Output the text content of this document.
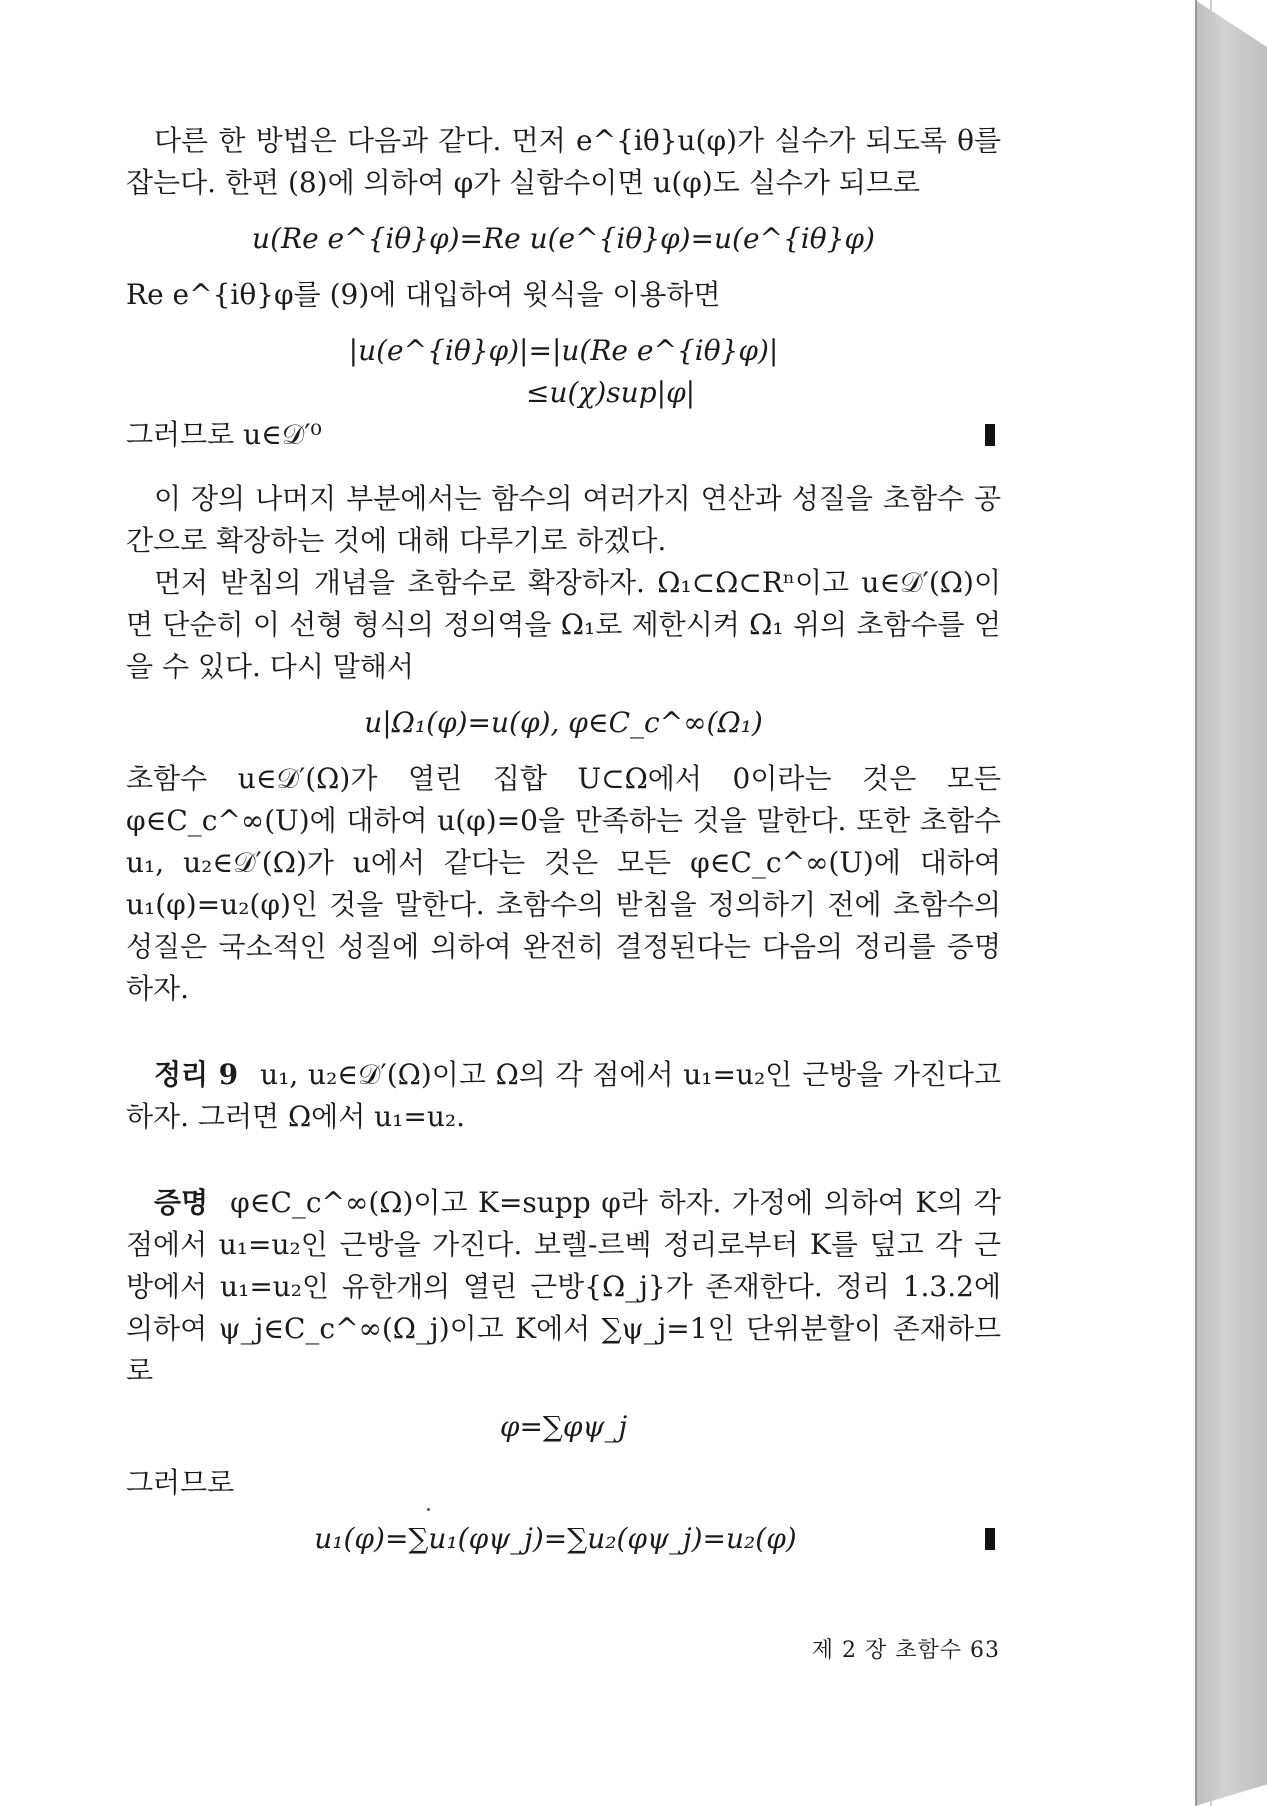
다른 한 방법은 다음과 같다. 먼저 e^{iθ}u(φ)가 실수가 되도록 θ를 잡는다. 한편 (8)에 의하여 φ가 실함수이면 u(φ)도 실수가 되므로

u(Re e^{iθ}φ)=Re u(e^{iθ}φ)=u(e^{iθ}φ)

Re e^{iθ}φ를 (9)에 대입하여 윗식을 이용하면

|u(e^{iθ}φ)|=|u(Re e^{iθ}φ)|

≤u(χ)sup|φ|

그러므로 u∈𝒟′⁰

이 장의 나머지 부분에서는 함수의 여러가지 연산과 성질을 초함수 공간으로 확장하는 것에 대해 다루기로 하겠다.

먼저 받침의 개념을 초함수로 확장하자. Ω₁⊂Ω⊂Rⁿ이고 u∈𝒟′(Ω)이면 단순히 이 선형 형식의 정의역을 Ω₁로 제한시켜 Ω₁ 위의 초함수를 얻을 수 있다. 다시 말해서

u|Ω₁(φ)=u(φ), φ∈C_c^∞(Ω₁)

초함수 u∈𝒟′(Ω)가 열린 집합 U⊂Ω에서 0이라는 것은 모든 φ∈C_c^∞(U)에 대하여 u(φ)=0을 만족하는 것을 말한다. 또한 초함수 u₁, u₂∈𝒟′(Ω)가 u에서 같다는 것은 모든 φ∈C_c^∞(U)에 대하여 u₁(φ)=u₂(φ)인 것을 말한다. 초함수의 받침을 정의하기 전에 초함수의 성질은 국소적인 성질에 의하여 완전히 결정된다는 다음의 정리를 증명하자.

정리 9 u₁, u₂∈𝒟′(Ω)이고 Ω의 각 점에서 u₁=u₂인 근방을 가진다고 하자. 그러면 Ω에서 u₁=u₂.

증명 φ∈C_c^∞(Ω)이고 K=supp φ라 하자. 가정에 의하여 K의 각 점에서 u₁=u₂인 근방을 가진다. 보렐-르벡 정리로부터 K를 덮고 각 근방에서 u₁=u₂인 유한개의 열린 근방{Ω_j}가 존재한다. 정리 1.3.2에 의하여 ψ_j∈C_c^∞(Ω_j)이고 K에서 ∑ψ_j=1인 단위분할이 존재하므로

φ=∑φψ_j

그러므로

u₁(φ)=∑u₁(φψ_j)=∑u₂(φψ_j)=u₂(φ)
제 2 장 초함수 63
